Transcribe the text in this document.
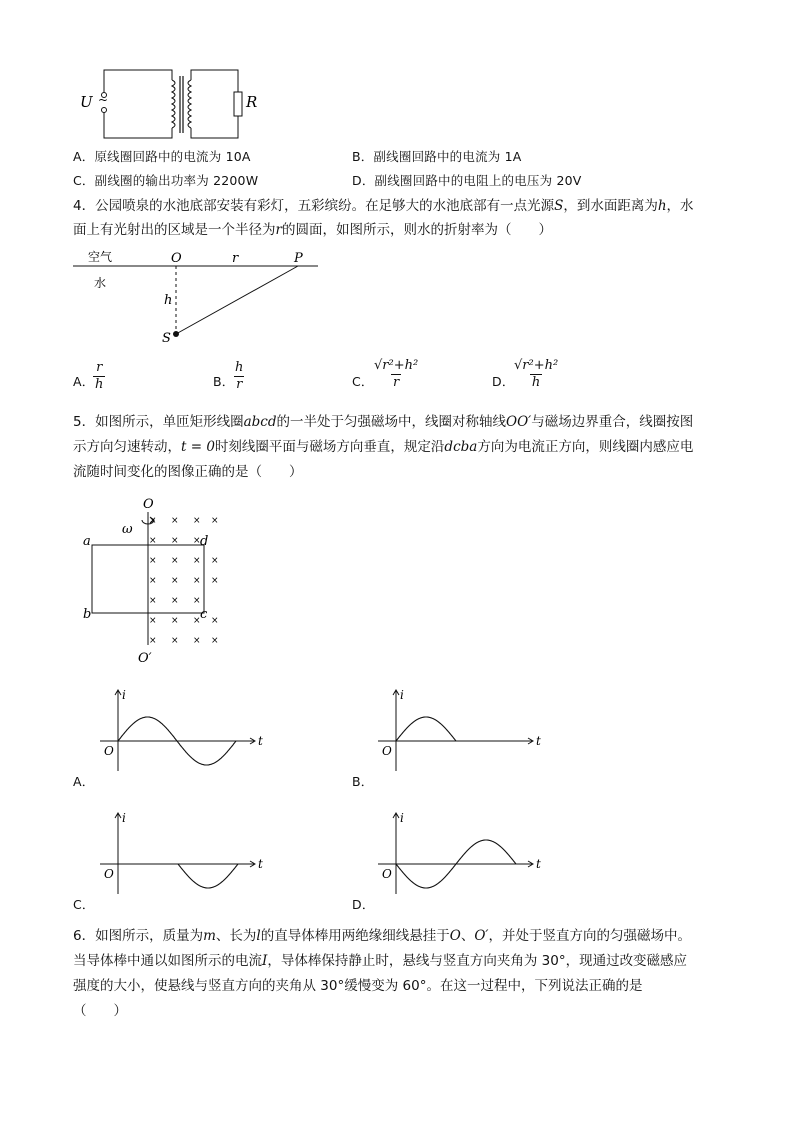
U ~	R
A．原线圈回路中的电流为 10A	B．副线圈回路中的电流为 1A
C．副线圈的输出功率为 2200W	D．副线圈回路中的电阻上的电压为 20V
4．公园喷泉的水池底部安装有彩灯，五彩缤纷。在足够大的水池底部有一点光源S，到水面距离为h，水
面上有光射出的区域是一个半径为r的圆面，如图所示，则水的折射率为（　　）
空气
水
O	r	P
h
S
A．
$\frac{r}{h}$	B．
$\frac{h}{r}$	C．
$\frac{\text{√r²+h²}}{r}$	D．
$\frac{\text{√r²+h²}}{h}$
5．如图所示，单匝矩形线圈abcd的一半处于匀强磁场中，线圈对称轴线OO′与磁场边界重合，线圈按图
示方向匀速转动，t = 0时刻线圈平面与磁场方向垂直，规定沿dcba方向为电流正方向，则线圈内感应电
流随时间变化的图像正确的是（　　）
× × × ×
× × ×
× × × ×
× × × ×
× × ×
× × × ×
× × × ×
O
O′
ω
a
b	c
d
i
t
O
i
t
O
i
t
O
i
t
O
A．	B．
C．	D．
6．如图所示，质量为m、长为l的直导体棒用两绝缘细线悬挂于O、O′，并处于竖直方向的匀强磁场中。
当导体棒中通以如图所示的电流I，导体棒保持静止时，悬线与竖直方向夹角为 30°，现通过改变磁感应
强度的大小，使悬线与竖直方向的夹角从 30°缓慢变为 60°。在这一过程中，下列说法正确的是
（　　）
